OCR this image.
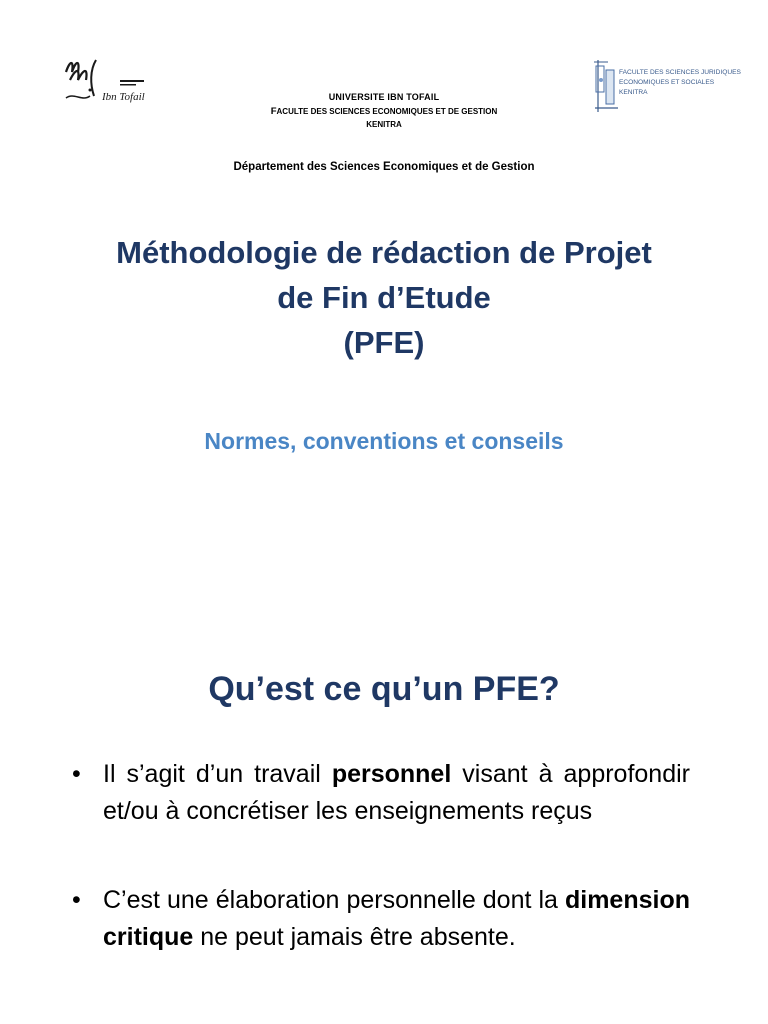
Ibn Tofail
FACULTE DES SCIENCES JURIDIQUES
ECONOMIQUES ET SOCIALES
KENITRA
UNIVERSITE IBN TOFAIL
FACULTE DES SCIENCES ECONOMIQUES ET DE GESTION
KENITRA
Département des Sciences Economiques et de Gestion
Méthodologie de rédaction de Projet
de Fin d’Etude
(PFE)
Normes, conventions et conseils
Qu’est ce qu’un PFE?
• Il s’agit d’un travail personnel visant à approfondir et/ou à concrétiser les enseignements reçus
• C’est une élaboration personnelle dont la dimension critique ne peut jamais être absente.
